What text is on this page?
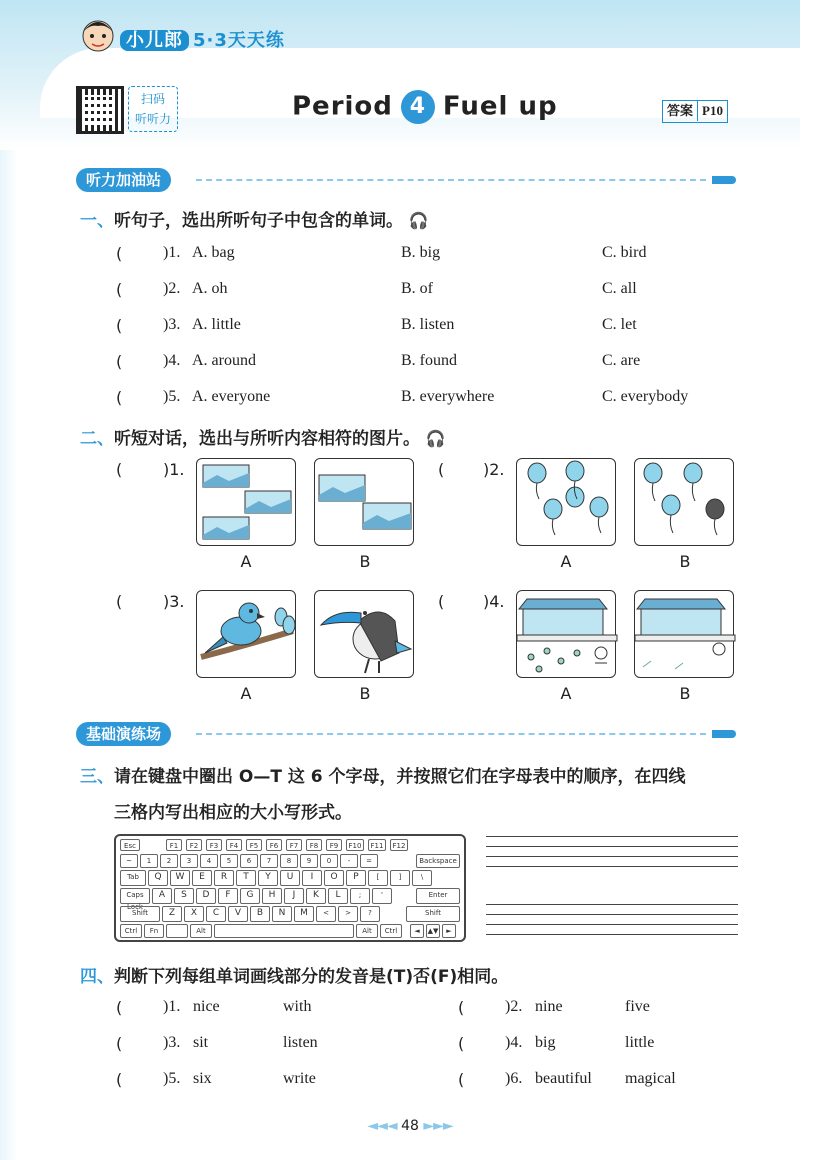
小儿郎 5·3天天练
扫码
听听力	Period 4 Fuel up	答案 P10
听力加油站
一、听句子，选出所听句子中包含的单词。 🎧
(	)1. A. bag	B. big	C. bird
(	)2. A. oh	B. of	C. all
(	)3. A. little	B. listen	C. let
(	)4. A. around	B. found	C. are
(	)5. A. everyone	B. everywhere	C. everybody
二、听短对话，选出与所听内容相符的图片。 🎧
(	)1.
A	B
( )2.
A	B
(	)3.
A	B
( )4.
A	B
基础演练场
三、请在键盘中圈出 O—T 这 6 个字母，并按照它们在字母表中的顺序，在四线
三格内写出相应的大小写形式。
Esc	F1	F2	F3	F4	F5	F6	F7	F8	F9	F10	F11	F12
~	1	2	3	4	5	6	7	8	9	0	-	=	Backspace
Tab	Q	W	E	R	T	Y	U	I	O	P	[	]	\
Caps Lock
A	S	D	F	G	H	J	K	L	;	'	Enter
Shift	Z	X	C	V	B	N	M	<	>	?	Shift
Ctrl	Fn	Alt	Alt	Ctrl	◄	▲▼	►
四、判断下列每组单词画线部分的发音是(T)否(F)相同。
(	)1. nice	with	(	)2. nine	five
(	)3. sit	listen	(	)4. big	little
(	)5. six	write	(	)6. beautiful magical
◄◄◄ 48 ►►►
